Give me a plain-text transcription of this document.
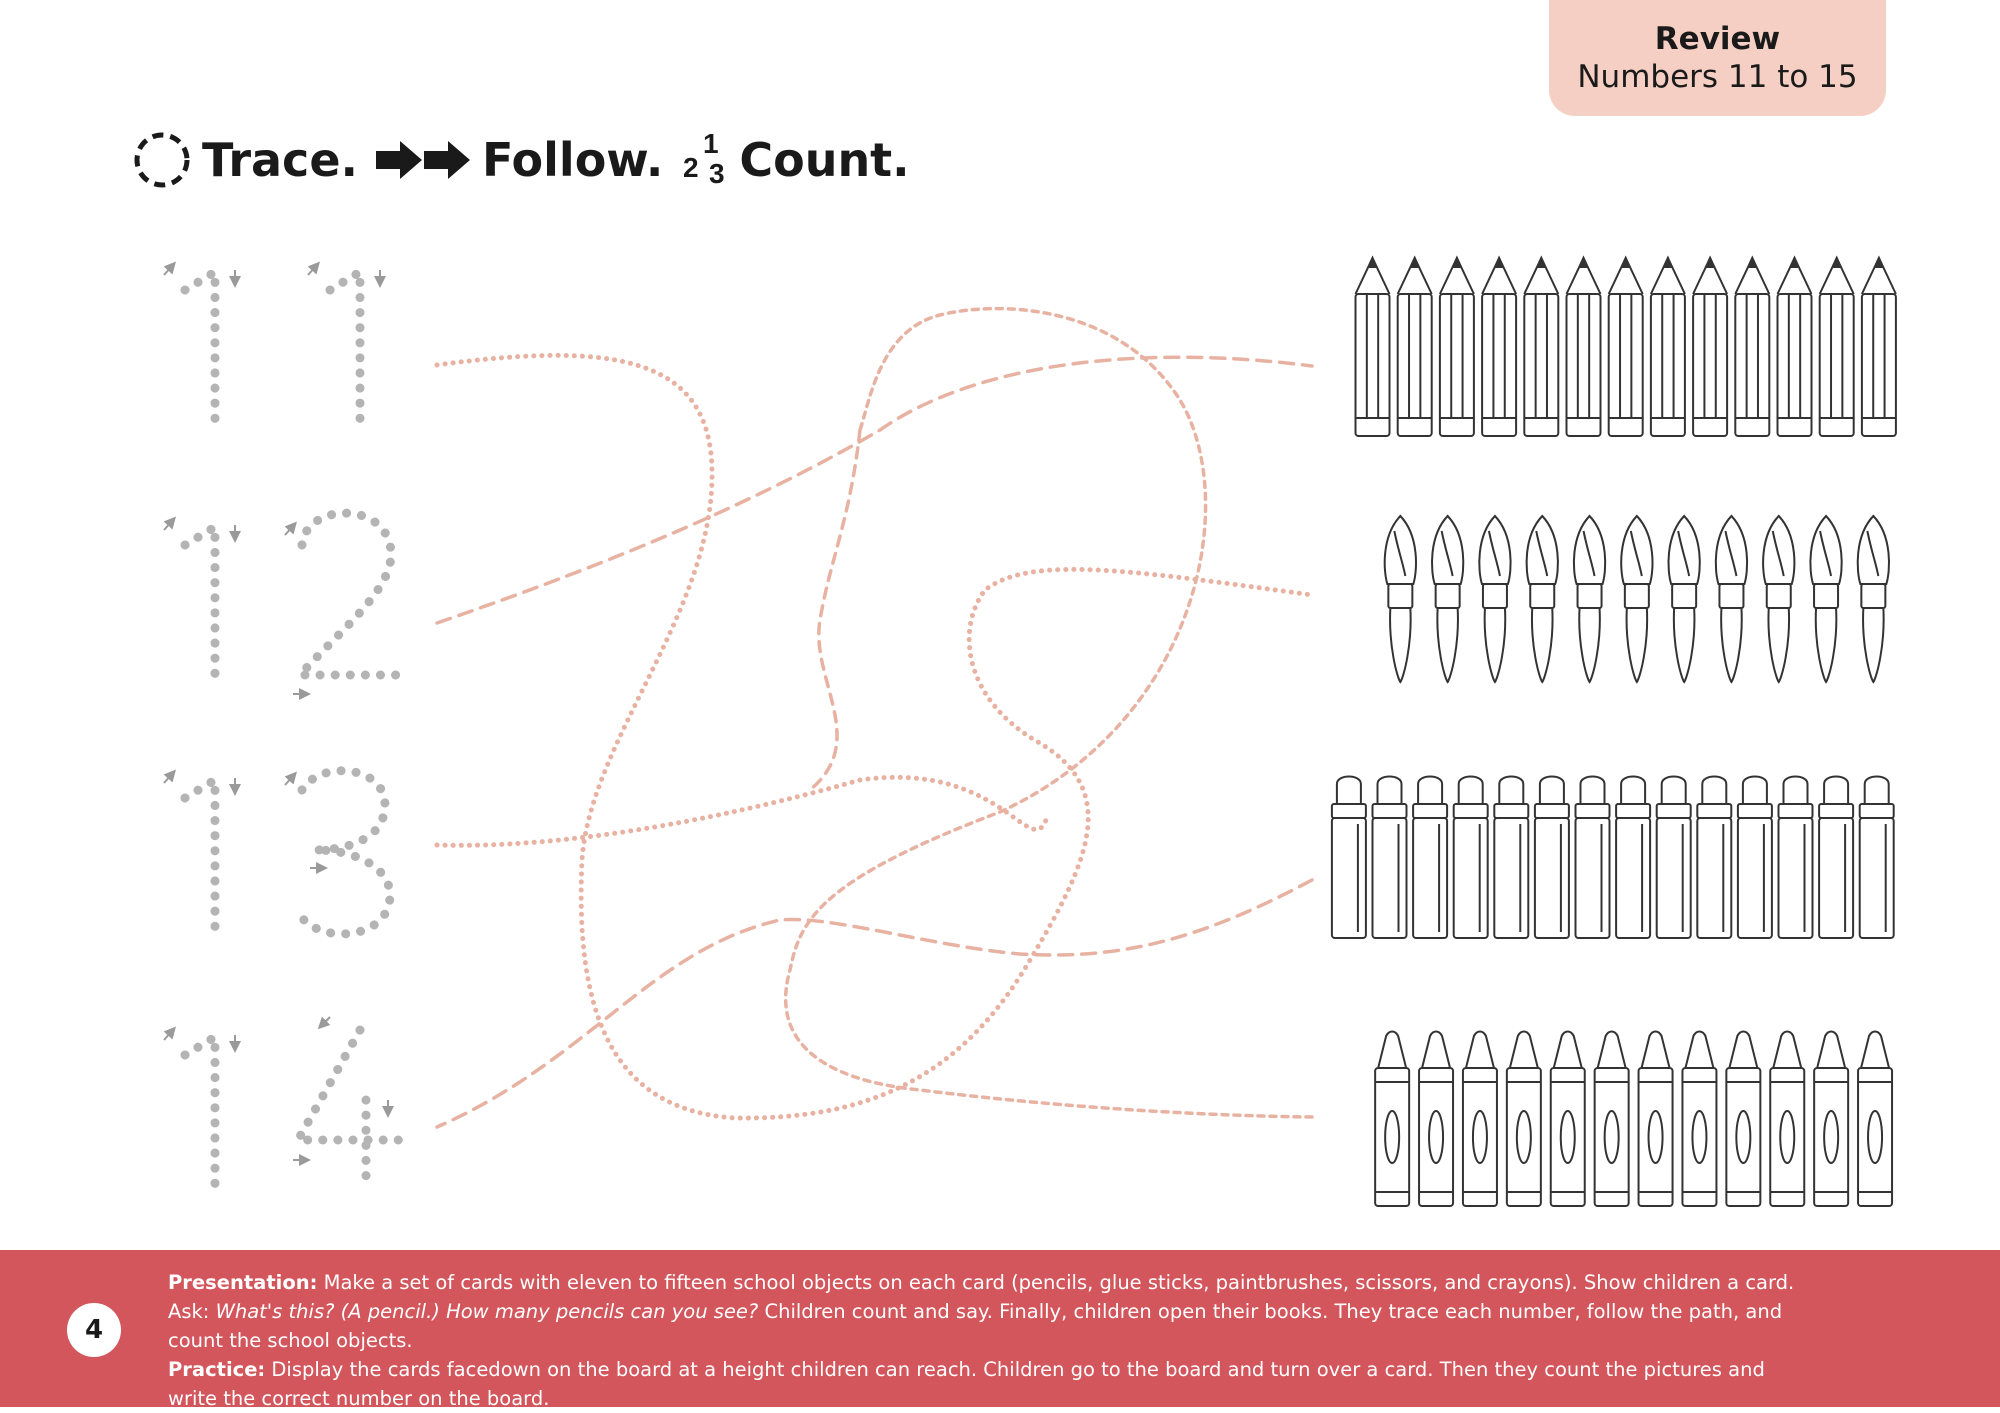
Review
Numbers 11 to 15
Trace.	Follow. 1
2 3 Count.
4

Presentation: Make a set of cards with eleven to fifteen school objects on each card (pencils, glue sticks, paintbrushes, scissors, and crayons). Show children a card. Ask: What's this? (A pencil.) How many pencils can you see? Children count and say. Finally, children open their books. They trace each number, follow the path, and count the school objects.

Practice: Display the cards facedown on the board at a height children can reach. Children go to the board and turn over a card. Then they count the pictures and write the correct number on the board.
